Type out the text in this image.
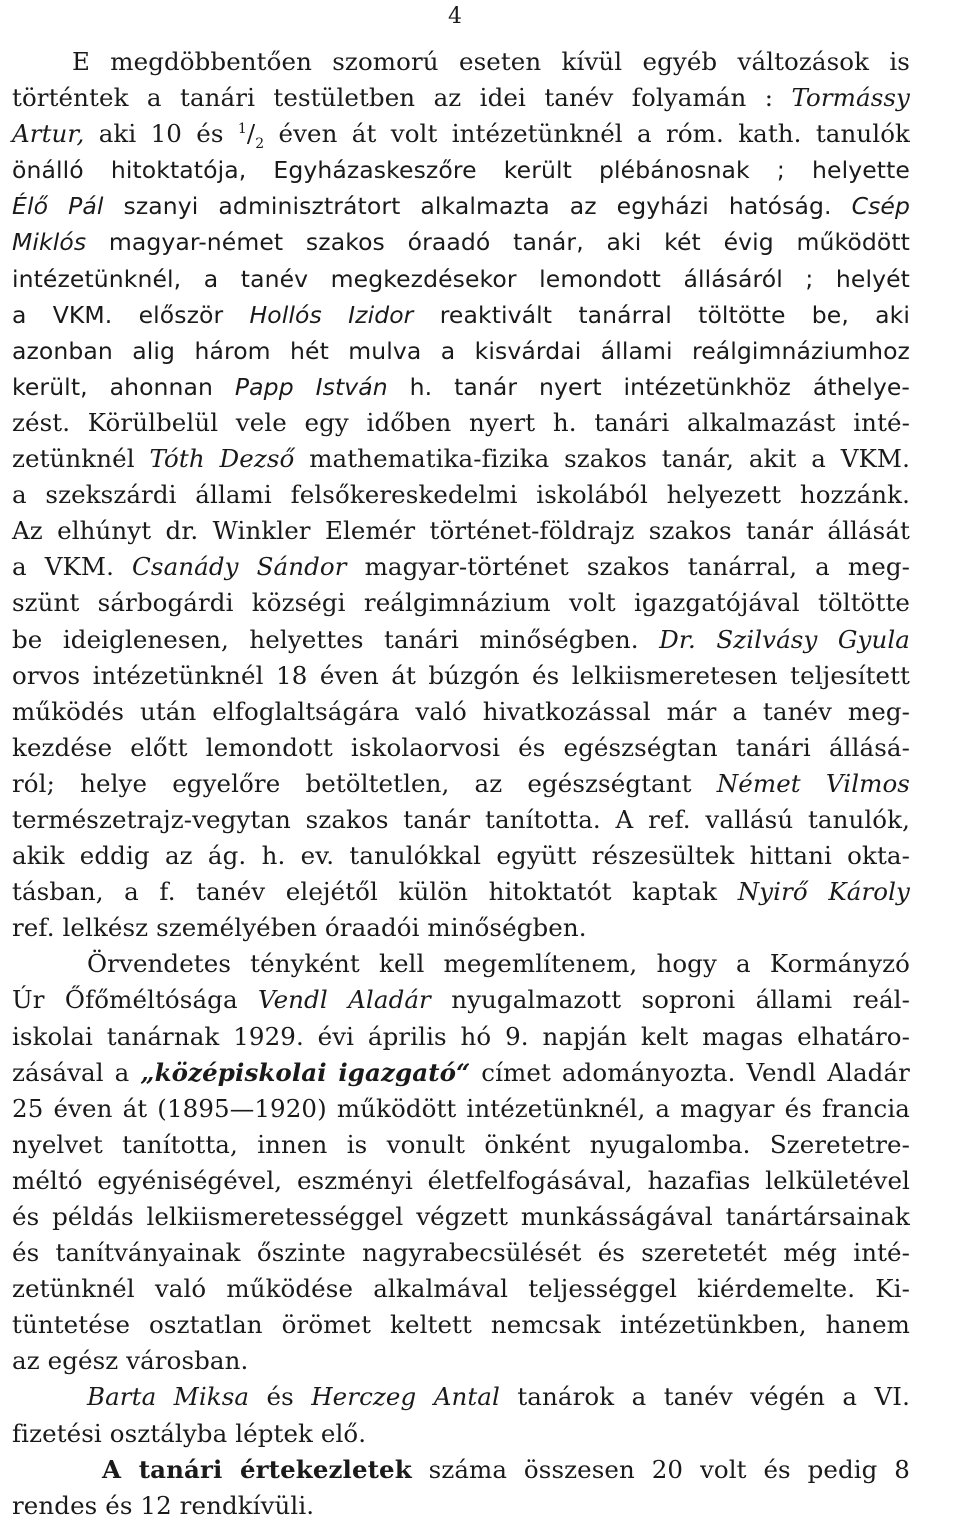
4
E megdöbbentően szomorú eseten kívül egyéb változások is
történtek a tanári testületben az idei tanév folyamán : Tormássy
Artur, aki 10 és $^1/_2$ éven át volt intézetünknél a róm. kath. tanulók
önálló hitoktatója, Egyházaskeszőre került plébánosnak ; helyette
Élő Pál szanyi adminisztrátort alkalmazta az egyházi hatóság. Csép
Miklós magyar-német szakos óraadó tanár, aki két évig működött
intézetünknél, a tanév megkezdésekor lemondott állásáról ; helyét
a VKM. először Hollós Izidor reaktivált tanárral töltötte be, aki
azonban alig három hét mulva a kisvárdai állami reálgimnáziumhoz
került, ahonnan Papp István h. tanár nyert intézetünkhöz áthelye-
zést. Körülbelül vele egy időben nyert h. tanári alkalmazást inté-
zetünknél Tóth Dezső mathematika-fizika szakos tanár, akit a VKM.
a szekszárdi állami felsőkereskedelmi iskolából helyezett hozzánk.
Az elhúnyt dr. Winkler Elemér történet-földrajz szakos tanár állását
a VKM. Csanády Sándor magyar-történet szakos tanárral, a meg-
szünt sárbogárdi községi reálgimnázium volt igazgatójával töltötte
be ideiglenesen, helyettes tanári minőségben. Dr. Szilvásy Gyula
orvos intézetünknél 18 éven át búzgón és lelkiismeretesen teljesített
működés után elfoglaltságára való hivatkozással már a tanév meg-
kezdése előtt lemondott iskolaorvosi és egészségtan tanári állásá-
ról; helye egyelőre betöltetlen, az egészségtant Német Vilmos
természetrajz-vegytan szakos tanár tanította. A ref. vallású tanulók,
akik eddig az ág. h. ev. tanulókkal együtt részesültek hittani okta-
tásban, a f. tanév elejétől külön hitoktatót kaptak Nyirő Károly
ref. lelkész személyében óraadói minőségben.
Örvendetes tényként kell megemlítenem, hogy a Kormányzó
Úr Őfőméltósága Vendl Aladár nyugalmazott soproni állami reál-
iskolai tanárnak 1929. évi április hó 9. napján kelt magas elhatáro-
zásával a „középiskolai igazgató“ címet adományozta. Vendl Aladár
25 éven át (1895—1920) működött intézetünknél, a magyar és francia
nyelvet tanította, innen is vonult önként nyugalomba. Szeretetre-
méltó egyéniségével, eszményi életfelfogásával, hazafias lelkületével
és példás lelkiismeretességgel végzett munkásságával tanártársainak
és tanítványainak őszinte nagyrabecsülését és szeretetét még inté-
zetünknél való működése alkalmával teljességgel kiérdemelte. Ki-
tüntetése osztatlan örömet keltett nemcsak intézetünkben, hanem
az egész városban.
Barta Miksa és Herczeg Antal tanárok a tanév végén a VI.
fizetési osztályba léptek elő.
A tanári értekezletek száma összesen 20 volt és pedig 8
rendes és 12 rendkívüli.
